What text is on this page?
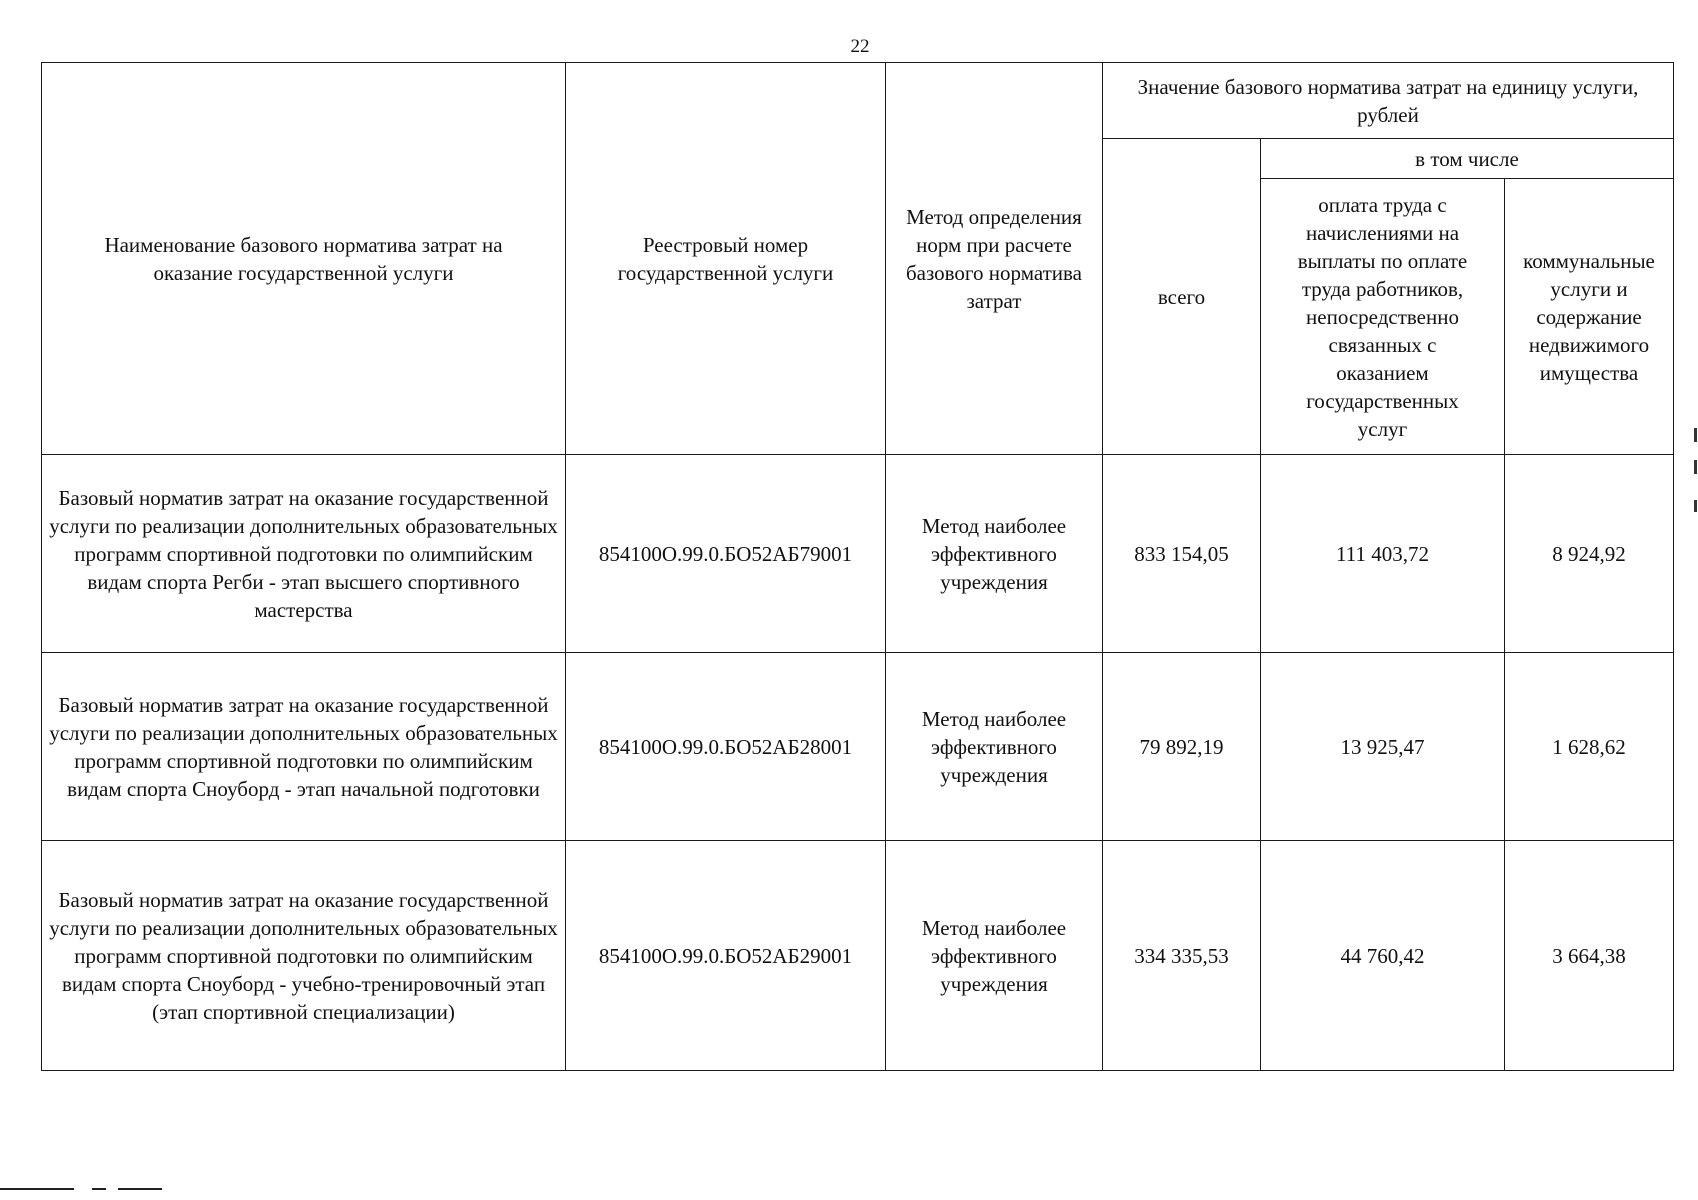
22
Наименование базового норматива затрат на оказание государственной услуги	Реестровый номер государственной услуги	Метод определения норм при расчете базового норматива затрат	Значение базового норматива затрат на единицу услуги, рублей		
			всего	в том числе	
				оплата труда с начислениями на выплаты по оплате труда работников, непосредственно связанных с оказанием государственных услуг	коммунальные услуги и содержание недвижимого имущества
Базовый норматив затрат на оказание государственной услуги по реализации дополнительных образовательных программ спортивной подготовки по олимпийским видам спорта Регби - этап высшего спортивного мастерства	854100О.99.0.БО52АБ79001	Метод наиболее эффективного учреждения	833 154,05	111 403,72	8 924,92
Базовый норматив затрат на оказание государственной услуги по реализации дополнительных образовательных программ спортивной подготовки по олимпийским видам спорта Сноуборд - этап начальной подготовки	854100О.99.0.БО52АБ28001	Метод наиболее эффективного учреждения	79 892,19	13 925,47	1 628,62
Базовый норматив затрат на оказание государственной услуги по реализации дополнительных образовательных программ спортивной подготовки по олимпийским видам спорта Сноуборд - учебно-тренировочный этап (этап спортивной специализации)	854100О.99.0.БО52АБ29001	Метод наиболее эффективного учреждения	334 335,53	44 760,42	3 664,38
